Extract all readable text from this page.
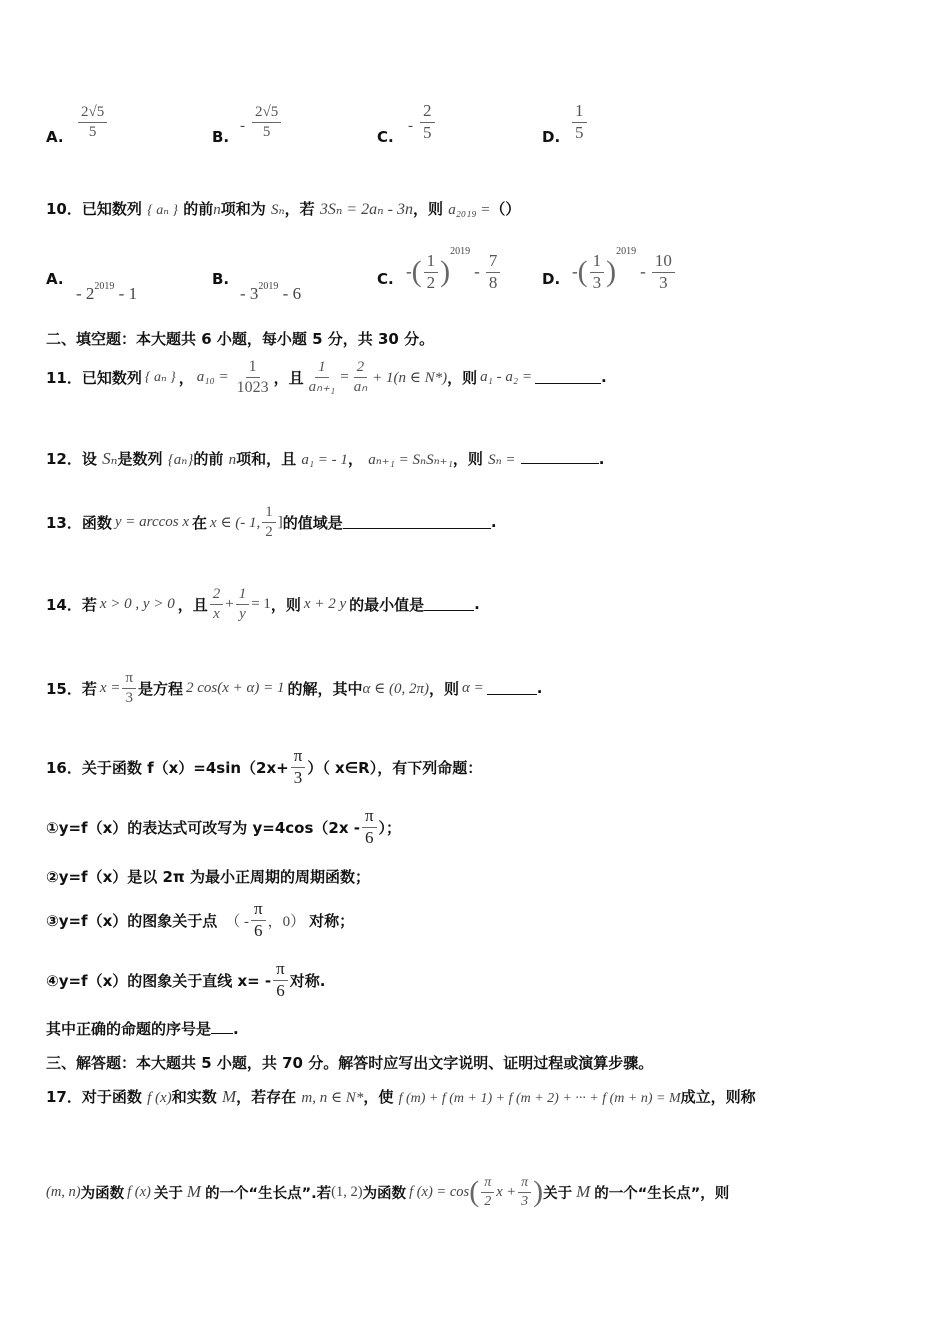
A. $\frac{2√5}{5}$	B.
- $\frac{2√5}{5}$	C.
- $\frac{2}{5}$	D. $\frac{1}{5}$
10．已知数列 { aₙ } 的前n项和为 Sₙ，若 3Sₙ = 2aₙ - 3n，则 a₂₀₁₉ =（）
A.
- $2^{2019} - 1$
B.
- $3^{2019} - 6$
C. - ( $\frac{1}{2}$ )
2019
- $\frac{7}{8}$	D. - ( $\frac{1}{3}$ )
2019
- $\frac{10}{3}$
二、填空题：本大题共 6 小题，每小题 5 分，共 30 分。
11． 已知数列 { aₙ } ， $a_{10} = \frac{1}{1023}$ ，且 $\frac{1}{\text{aₙ₊₁}} = \frac{2}{\text{aₙ}} + 1(n$ ∈ N*) ，则 a₁ - a₂ =	.
12．设 Sₙ是数列 {aₙ}的前 n项和，且 a₁ = - 1， aₙ₊₁ = SₙSₙ₊₁，则 Sₙ =	.
13． 函数 y = arccos x 在 x ∈ (- 1, $\frac{1}{2}$ ] 的值域是	.
14． 若 x > 0 , y > 0 ，且 $\frac{2}{x} + \frac{1}{y} = 1$ ，则 x + 2 y 的最小值是	.
15． 若 $x = \frac{\pi}{3}$ 是方程 2 cos(x + α) = 1 的解，其中 α ∈ (0, 2π) ，则 α =	.
16． 关于函数 $f(x)=4\sin(2x+ \frac{\pi}{3}$ ）（ x∈R），有下列命题：
①y=f（x）的表达式可改写为 $y=4\cos(2x - \frac{\pi}{6}$ ）；
②y=f（x）是以 2π 为最小正周期的周期函数；
③y=f（x）的图象关于点 （ - $\frac{\pi}{6}$ ，0） 对称；
④y=f（x）的图象关于直线 $x= - \frac{\pi}{6}$ 对称.
其中正确的命题的序号是 .
三、解答题：本大题共 5 小题，共 70 分。解答时应写出文字说明、证明过程或演算步骤。
17．对于函数 f (x)和实数 M，若存在 m, n ∈ N*，使 f (m) + f (m + 1) + f (m + 2) + ··· + f (m + n) = M成立，则称
(m, n) 为函数 f (x) 关于 M 的一个“生长点”.若 (1, 2) 为函数 f (x) = cos ( $\frac{\pi}{2}$ $x + \frac{\pi}{3}$ ) 关于 M 的一个“生长点”，则
